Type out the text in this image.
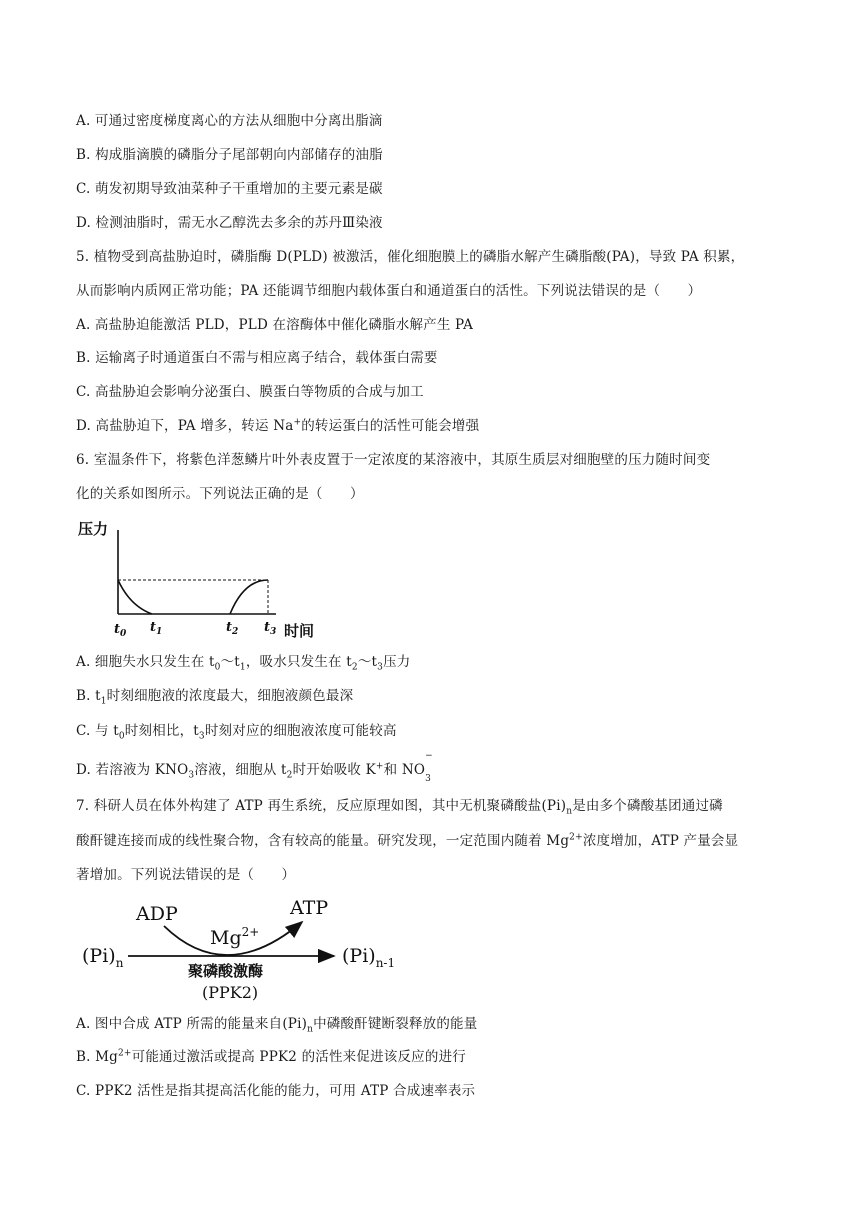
A. 可通过密度梯度离心的方法从细胞中分离出脂滴
B. 构成脂滴膜的磷脂分子尾部朝向内部储存的油脂
C. 萌发初期导致油菜种子干重增加的主要元素是碳
D. 检测油脂时，需无水乙醇洗去多余的苏丹Ⅲ染液
5. 植物受到高盐胁迫时，磷脂酶 D(PLD) 被激活，催化细胞膜上的磷脂水解产生磷脂酸(PA)，导致 PA 积累，
从而影响内质网正常功能；PA 还能调节细胞内载体蛋白和通道蛋白的活性。下列说法错误的是（　　）
A. 高盐胁迫能激活 PLD，PLD 在溶酶体中催化磷脂水解产生 PA
B. 运输离子时通道蛋白不需与相应离子结合，载体蛋白需要
C. 高盐胁迫会影响分泌蛋白、膜蛋白等物质的合成与加工
D. 高盐胁迫下，PA 增多，转运 Na+的转运蛋白的活性可能会增强
6. 室温条件下，将紫色洋葱鳞片叶外表皮置于一定浓度的某溶液中，其原生质层对细胞壁的压力随时间变
化的关系如图所示。下列说法正确的是（　　）
压力
时间
$t_0$ $t_1$	$t_2$ $t_3$
A. 细胞失水只发生在 $t_0\sim t_1$，吸水只发生在 $t_2\sim t_3$压力
B. $t_1$时刻细胞液的浓度最大，细胞液颜色最深
C. 与 $t_0$时刻相比，$t_3$时刻对应的细胞液浓度可能较高
D. 若溶液为 $KNO_3$溶液，细胞从 $t_2$时开始吸收 K+和 NO
−
$_3$
7. 科研人员在体外构建了 ATP 再生系统，反应原理如图，其中无机聚磷酸盐$(Pi)_n$是由多个磷酸基团通过磷
酸酐键连接而成的线性聚合物，含有较高的能量。研究发现，一定范围内随着 $Mg^{2+}$浓度增加，ATP 产量会显
著增加。下列说法错误的是（　　）
ADP	ATP
$Mg^{2+}$
$(Pi)_n$	$(Pi)_{n-1}$
聚磷酸激酶
(PPK2)
A. 图中合成 ATP 所需的能量来自$(Pi)_n$中磷酸酐键断裂释放的能量
B. $Mg^{2+}$可能通过激活或提高 PPK2 的活性来促进该反应的进行
C. PPK2 活性是指其提高活化能的能力，可用 ATP 合成速率表示
